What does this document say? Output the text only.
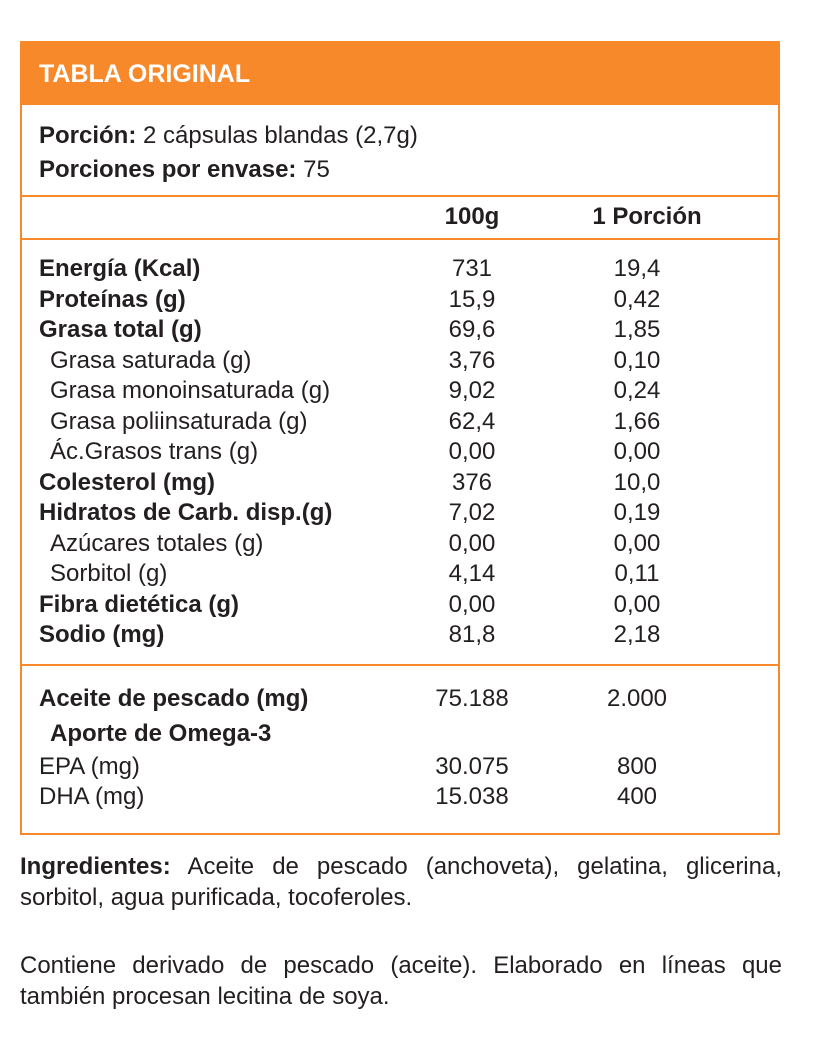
TABLA ORIGINAL
Porción: 2 cápsulas blandas (2,7g)
Porciones por envase: 75
100g	1 Porción
Energía (Kcal)	731	19,4
Proteínas (g)	15,9	0,42
Grasa total (g)	69,6	1,85
Grasa saturada (g)	3,76	0,10
Grasa monoinsaturada (g)	9,02	0,24
Grasa poliinsaturada (g)	62,4	1,66
Ác.Grasos trans (g)	0,00	0,00
Colesterol (mg)	376	10,0
Hidratos de Carb. disp.(g)	7,02	0,19
Azúcares totales (g)	0,00	0,00
Sorbitol (g)	4,14	0,11
Fibra dietética (g)	0,00	0,00
Sodio (mg)	81,8	2,18
Aceite de pescado (mg)	75.188	2.000
Aporte de Omega-3
EPA (mg)	30.075	800
DHA (mg)	15.038	400
Ingredientes: Aceite de pescado (anchoveta), gelatina, glicerina, sorbitol, agua purificada, tocoferoles.
Contiene derivado de pescado (aceite). Elaborado en líneas que también procesan lecitina de soya.
